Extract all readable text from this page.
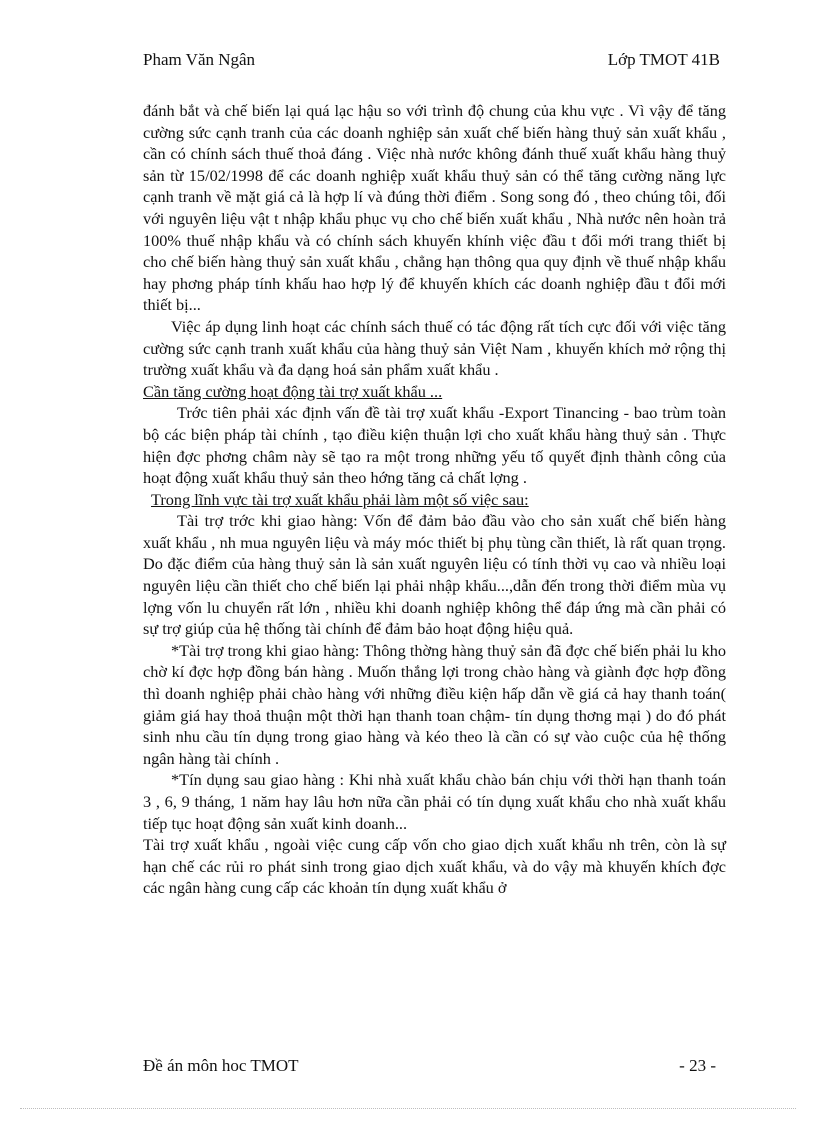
Pham Văn Ngân	Lớp TMOT 41B

đánh bắt và chế biến lại quá lạc hậu so với trình độ chung của khu vực . Vì vậy để tăng cường sức cạnh tranh của các doanh nghiệp sản xuất chế biến hàng thuỷ sản xuất khẩu , cần có chính sách thuế thoả đáng . Việc nhà nước không đánh thuế xuất khẩu hàng thuỷ sản từ 15/02/1998 để các doanh nghiệp xuất khẩu thuỷ sản có thể tăng cường năng lực cạnh tranh về mặt giá cả là hợp lí và đúng thời điểm . Song song đó , theo chúng tôi, đối với nguyên liệu vật t nhập khẩu phục vụ cho chế biến xuất khẩu , Nhà nước nên hoàn trả 100% thuế nhập khẩu và có chính sách khuyến khính việc đầu t đổi mới trang thiết bị cho chế biến hàng thuỷ sản xuất khẩu , chẳng hạn thông qua quy định về thuế nhập khẩu hay phơng pháp tính khấu hao hợp lý để khuyến khích các doanh nghiệp đầu t đổi mới thiết bị...

Việc áp dụng linh hoạt các chính sách thuế có tác động rất tích cực đối với việc tăng cường sức cạnh tranh xuất khẩu của hàng thuỷ sản Việt Nam , khuyến khích mở rộng thị trường xuất khẩu và đa dạng hoá sản phẩm xuất khẩu .

Cần tăng cường hoạt động tài trợ xuất khẩu ...

Trớc tiên phải xác định vấn đề tài trợ xuất khẩu -Export Tinancing - bao trùm toàn bộ các biện pháp tài chính , tạo điều kiện thuận lợi cho xuất khẩu hàng thuỷ sản . Thực hiện đợc phơng châm này sẽ tạo ra một trong những yếu tố quyết định thành công của hoạt động xuất khẩu thuỷ sản theo hớng tăng cả chất lợng .

Trong lĩnh vực tài trợ xuất khẩu phải làm một số việc sau:

Tài trợ trớc khi giao hàng: Vốn để đảm bảo đầu vào cho sản xuất chế biến hàng xuất khẩu , nh mua nguyên liệu và máy móc thiết bị phụ tùng cần thiết, là rất quan trọng. Do đặc điểm của hàng thuỷ sản là sản xuất nguyên liệu có tính thời vụ cao và nhiều loại nguyên liệu cần thiết cho chế biến lại phải nhập khẩu...,dẫn đến trong thời điểm mùa vụ lợng vốn lu chuyển rất lớn , nhiều khi doanh nghiệp không thể đáp ứng mà cần phải có sự trợ giúp của hệ thống tài chính để đảm bảo hoạt động hiệu quả.

*Tài trợ trong khi giao hàng: Thông thờng hàng thuỷ sản đã đợc chế biến phải lu kho chờ kí đợc hợp đồng bán hàng . Muốn thắng lợi trong chào hàng và giành đợc hợp đồng thì doanh nghiệp phải chào hàng với những điều kiện hấp dẫn về giá cả hay thanh toán( giảm giá hay thoả thuận một thời hạn thanh toan chậm- tín dụng thơng mại ) do đó phát sinh nhu cầu tín dụng trong giao hàng và kéo theo là cần có sự vào cuộc của hệ thống ngân hàng tài chính .

*Tín dụng sau giao hàng : Khi nhà xuất khẩu chào bán chịu với thời hạn thanh toán 3 , 6, 9 tháng, 1 năm hay lâu hơn nữa cần phải có tín dụng xuất khẩu cho nhà xuất khẩu tiếp tục hoạt động sản xuất kinh doanh...

Tài trợ xuất khẩu , ngoài việc cung cấp vốn cho giao dịch xuất khẩu nh trên, còn là sự hạn chế các rủi ro phát sinh trong giao dịch xuất khẩu, và do vậy mà khuyến khích đợc các ngân hàng cung cấp các khoản tín dụng xuất khẩu ở

Đề án môn hoc TMOT	- 23 -
